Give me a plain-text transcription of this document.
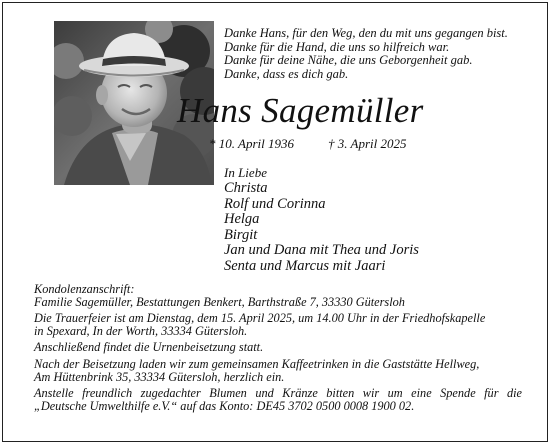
Danke Hans, für den Weg, den du mit uns gegangen bist.
Danke für die Hand, die uns so hilfreich war.
Danke für deine Nähe, die uns Geborgenheit gab.
Danke, dass es dich gab.
Hans Sagemüller
* 10. April 1936	† 3. April 2025
In Liebe
Christa
Rolf und Corinna
Helga
Birgit
Jan und Dana mit Thea und Joris
Senta und Marcus mit Jaari
Kondolenzanschrift:
Familie Sagemüller, Bestattungen Benkert, Barthstraße 7, 33330 Gütersloh
Die Trauerfeier ist am Dienstag, dem 15. April 2025, um 14.00 Uhr in der Friedhofskapelle
in Spexard, In der Worth, 33334 Gütersloh.
Anschließend findet die Urnenbeisetzung statt.
Nach der Beisetzung laden wir zum gemeinsamen Kaffeetrinken in die Gaststätte Hellweg,
Am Hüttenbrink 35, 33334 Gütersloh, herzlich ein.
Anstelle freundlich zugedachter Blumen und Kränze bitten wir um eine Spende für die
„Deutsche Umwelthilfe e.V.“ auf das Konto: DE45 3702 0500 0008 1900 02.
